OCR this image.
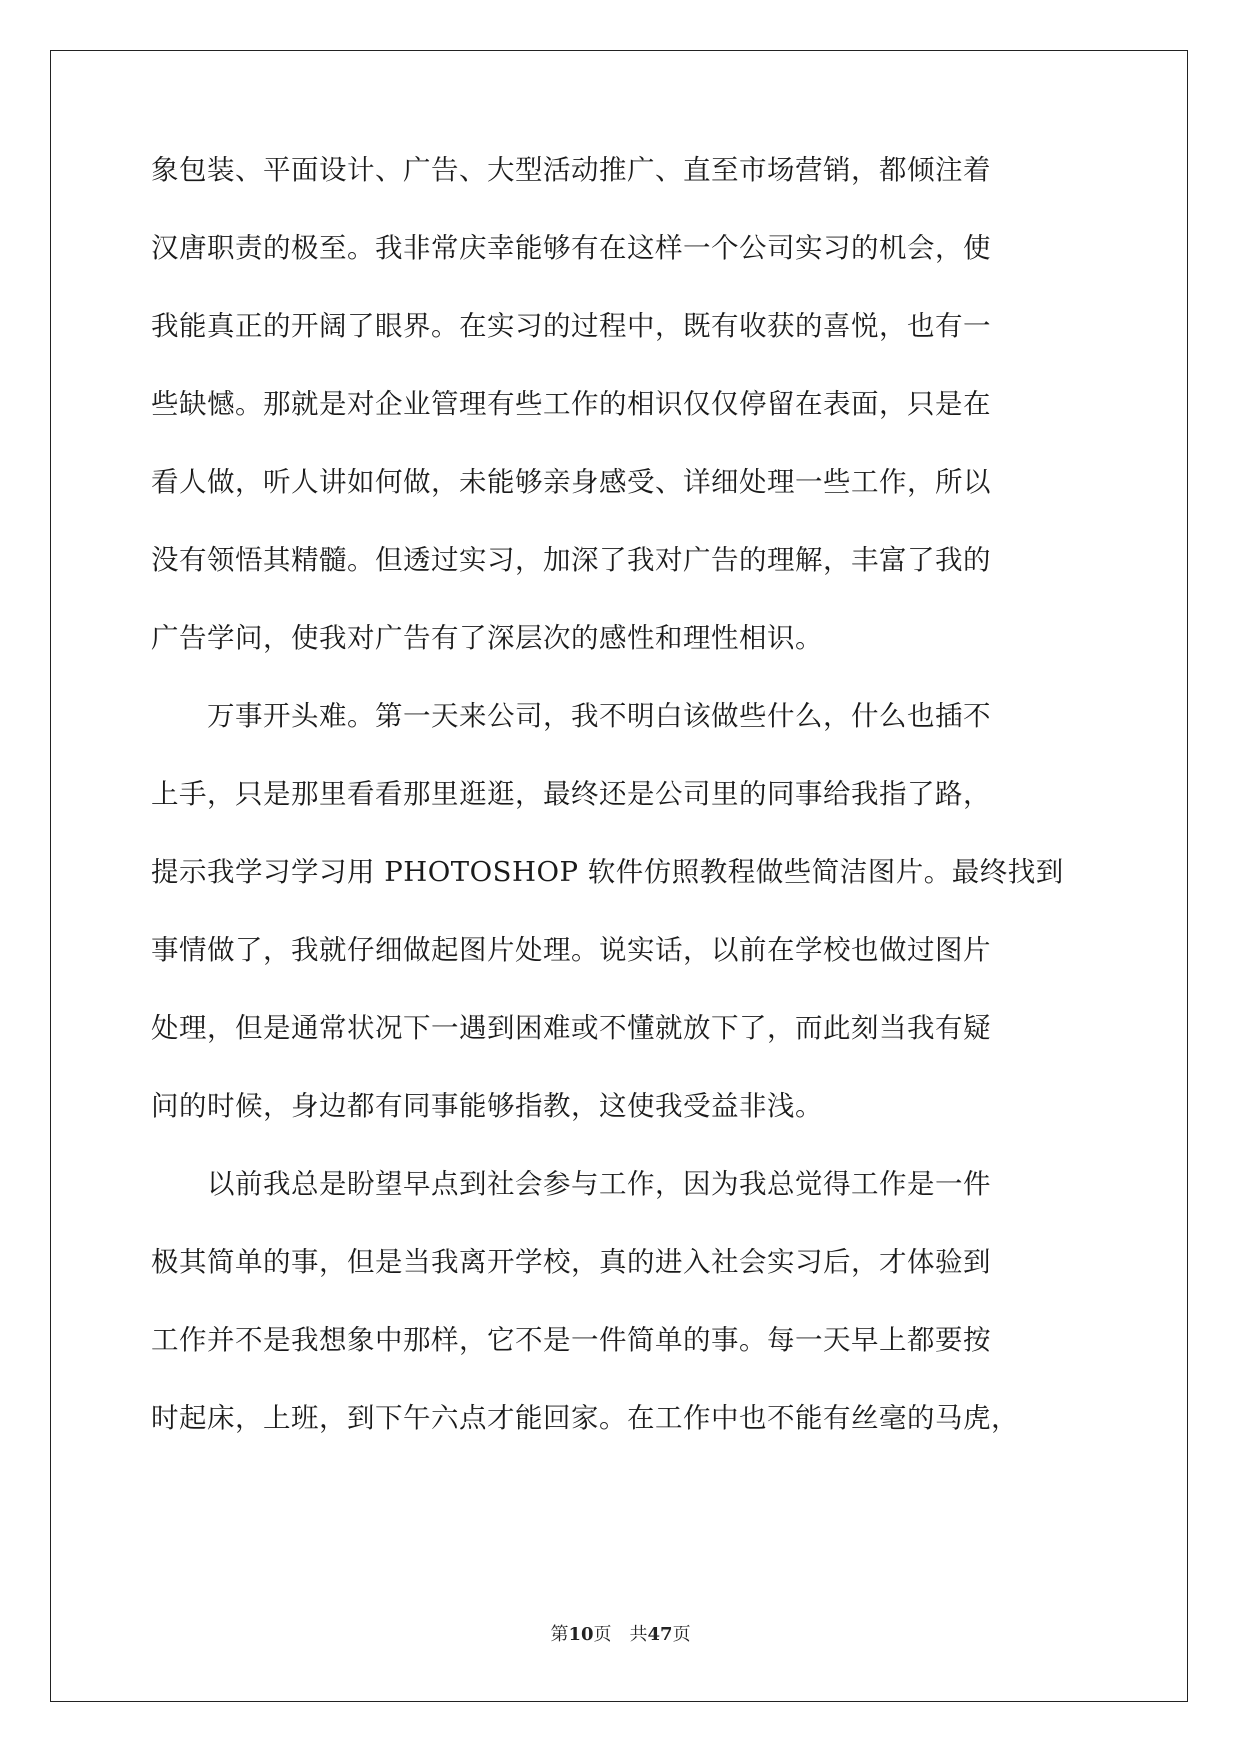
象包装、平面设计、广告、大型活动推广、直至市场营销，都倾注着
汉唐职责的极至。我非常庆幸能够有在这样一个公司实习的机会，使
我能真正的开阔了眼界。在实习的过程中，既有收获的喜悦，也有一
些缺憾。那就是对企业管理有些工作的相识仅仅停留在表面，只是在
看人做，听人讲如何做，未能够亲身感受、详细处理一些工作，所以
没有领悟其精髓。但透过实习，加深了我对广告的理解，丰富了我的
广告学问，使我对广告有了深层次的感性和理性相识。
　　万事开头难。第一天来公司，我不明白该做些什么，什么也插不
上手，只是那里看看那里逛逛，最终还是公司里的同事给我指了路，
提示我学习学习用 PHOTOSHOP 软件仿照教程做些简洁图片。最终找到
事情做了，我就仔细做起图片处理。说实话，以前在学校也做过图片
处理，但是通常状况下一遇到困难或不懂就放下了，而此刻当我有疑
问的时候，身边都有同事能够指教，这使我受益非浅。
　　以前我总是盼望早点到社会参与工作，因为我总觉得工作是一件
极其简单的事，但是当我离开学校，真的进入社会实习后，才体验到
工作并不是我想象中那样，它不是一件简单的事。每一天早上都要按
时起床，上班，到下午六点才能回家。在工作中也不能有丝毫的马虎，
第10页 共47页
